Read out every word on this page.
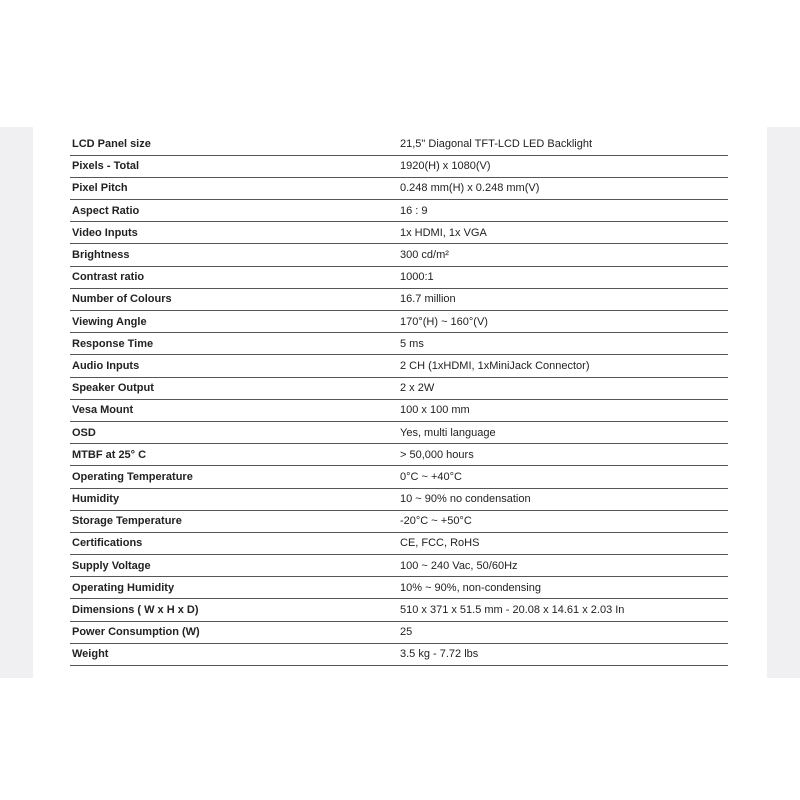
LCD Panel size	21,5" Diagonal TFT-LCD LED Backlight
Pixels - Total	1920(H) x 1080(V)
Pixel Pitch	0.248 mm(H) x 0.248 mm(V)
Aspect Ratio	16 : 9
Video Inputs	1x HDMI, 1x VGA
Brightness	300 cd/m²
Contrast ratio	1000:1
Number of Colours	16.7 million
Viewing Angle	170°(H) ~ 160°(V)
Response Time	5 ms
Audio Inputs	2 CH (1xHDMI, 1xMiniJack Connector)
Speaker Output	2 x 2W
Vesa Mount	100 x 100 mm
OSD	Yes, multi language
MTBF at 25° C	> 50,000 hours
Operating Temperature	0°C ~ +40°C
Humidity	10 ~ 90% no condensation
Storage Temperature	-20°C ~ +50°C
Certifications	CE, FCC, RoHS
Supply Voltage	100 ~ 240 Vac, 50/60Hz
Operating Humidity	10% ~ 90%, non-condensing
Dimensions ( W x H x D)	510 x 371 x 51.5 mm - 20.08 x 14.61 x 2.03 In
Power Consumption (W)	25
Weight	3.5 kg - 7.72 lbs
